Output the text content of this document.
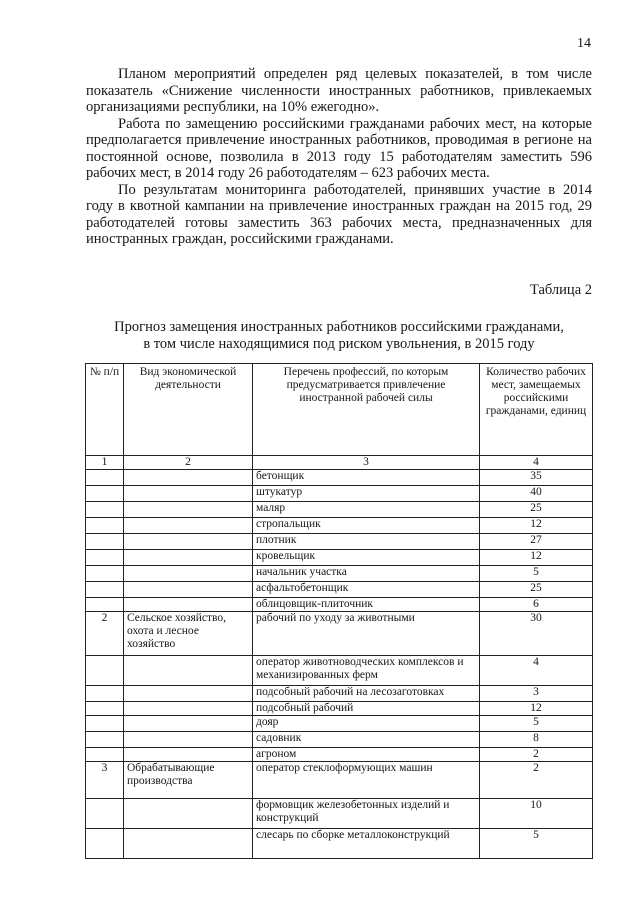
14

Планом мероприятий определен ряд целевых показателей, в том числе показатель «Снижение численности иностранных работников, привлекаемых организациями республики, на 10% ежегодно».

Работа по замещению российскими гражданами рабочих мест, на которые предполагается привлечение иностранных работников, проводимая в регионе на постоянной основе, позволила в 2013 году 15 работодателям заместить 596 рабочих мест, в 2014 году 26 работодателям – 623 рабочих места.

По результатам мониторинга работодателей, принявших участие в 2014 году в квотной кампании на привлечение иностранных граждан на 2015 год, 29 работодателей готовы заместить 363 рабочих места, предназначенных для иностранных граждан, российскими гражданами.

Таблица 2
Прогноз замещения иностранных работников российскими гражданами,
в том числе находящимися под риском увольнения, в 2015 году
№ п/п	Вид экономической деятельности	Перечень профессий, по которым предусматривается привлечение иностранной рабочей силы	Количество рабочих мест, замещаемых российскими гражданами, единиц
1	2	3	4
		бетонщик	35
		штукатур	40
		маляр	25
		стропальщик	12
		плотник	27
		кровельщик	12
		начальник участка	5
		асфальтобетонщик	25
		облицовщик-плиточник	6
2	Сельское хозяйство, охота и лесное хозяйство	рабочий по уходу за животными	30
		оператор животноводческих комплексов и механизированных ферм	4
		подсобный рабочий на лесозаготовках	3
		подсобный рабочий	12
		дояр	5
		садовник	8
		агроном	2
3	Обрабатывающие производства	оператор стеклоформующих машин	2
		формовщик железобетонных изделий и конструкций	10
		слесарь по сборке металлоконструкций	5
